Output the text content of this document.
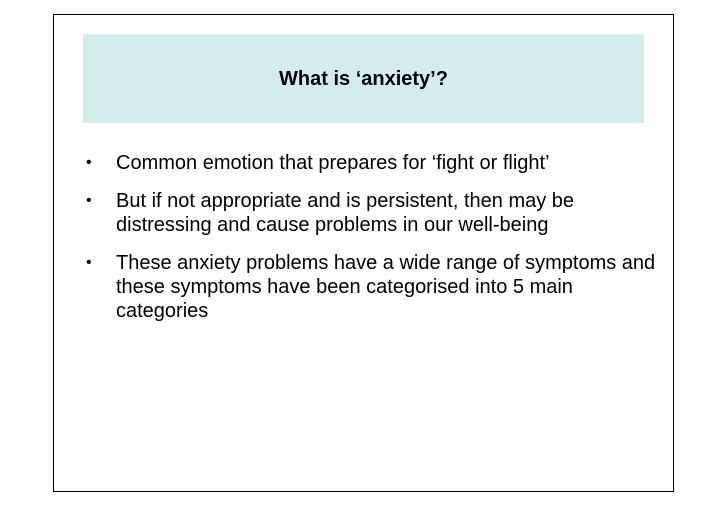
What is ‘anxiety’?
•	Common emotion that prepares for ‘fight or flight’
•	But if not appropriate and is persistent, then may be distressing and cause problems in our well-being
•	These anxiety problems have a wide range of symptoms and these symptoms have been categorised into 5 main categories
